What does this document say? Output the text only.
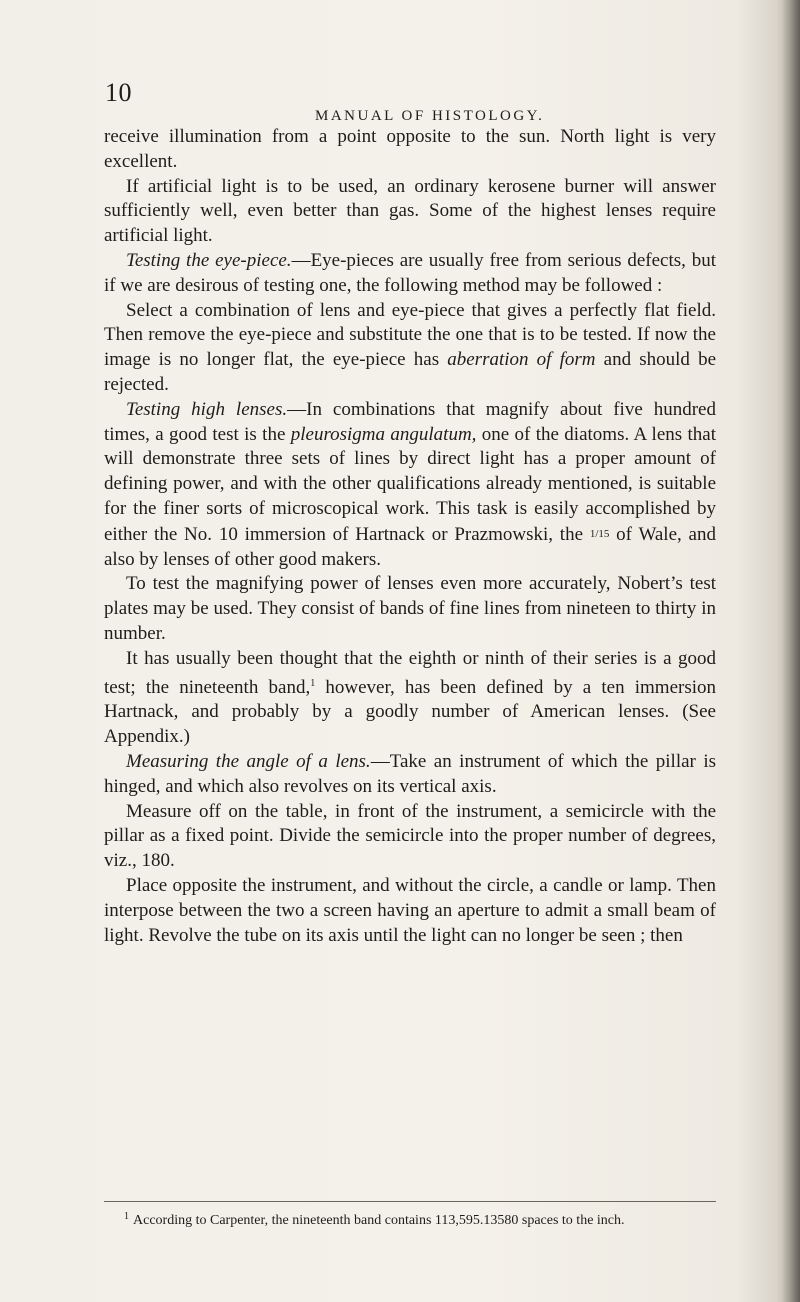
10
MANUAL OF HISTOLOGY.

receive illumination from a point opposite to the sun. North light is very excellent.

If artificial light is to be used, an ordinary kerosene burner will answer sufficiently well, even better than gas. Some of the highest lenses require artificial light.

Testing the eye-piece.—Eye-pieces are usually free from serious defects, but if we are desirous of testing one, the following method may be followed :

Select a combination of lens and eye-piece that gives a perfectly flat field. Then remove the eye-piece and substitute the one that is to be tested. If now the image is no longer flat, the eye-piece has aberration of form and should be rejected.

Testing high lenses.—In combinations that magnify about five hundred times, a good test is the pleurosigma angulatum, one of the diatoms. A lens that will demonstrate three sets of lines by direct light has a proper amount of defining power, and with the other qualifications already mentioned, is suitable for the finer sorts of microscopical work. This task is easily accomplished by either the No. 10 immersion of Hartnack or Prazmowski, the 1/15 of Wale, and also by lenses of other good makers.

To test the magnifying power of lenses even more accurately, Nobert’s test plates may be used. They consist of bands of fine lines from nineteen to thirty in number.

It has usually been thought that the eighth or ninth of their series is a good test; the nineteenth band,$^1$ however, has been defined by a ten immersion Hartnack, and probably by a goodly number of American lenses. (See Appendix.)

Measuring the angle of a lens.—Take an instrument of which the pillar is hinged, and which also revolves on its vertical axis.

Measure off on the table, in front of the instrument, a semicircle with the pillar as a fixed point. Divide the semicircle into the proper number of degrees, viz., 180.

Place opposite the instrument, and without the circle, a candle or lamp. Then interpose between the two a screen having an aperture to admit a small beam of light. Revolve the tube on its axis until the light can no longer be seen ; then

$^1$ According to Carpenter, the nineteenth band contains 113,595.13580 spaces to the inch.
